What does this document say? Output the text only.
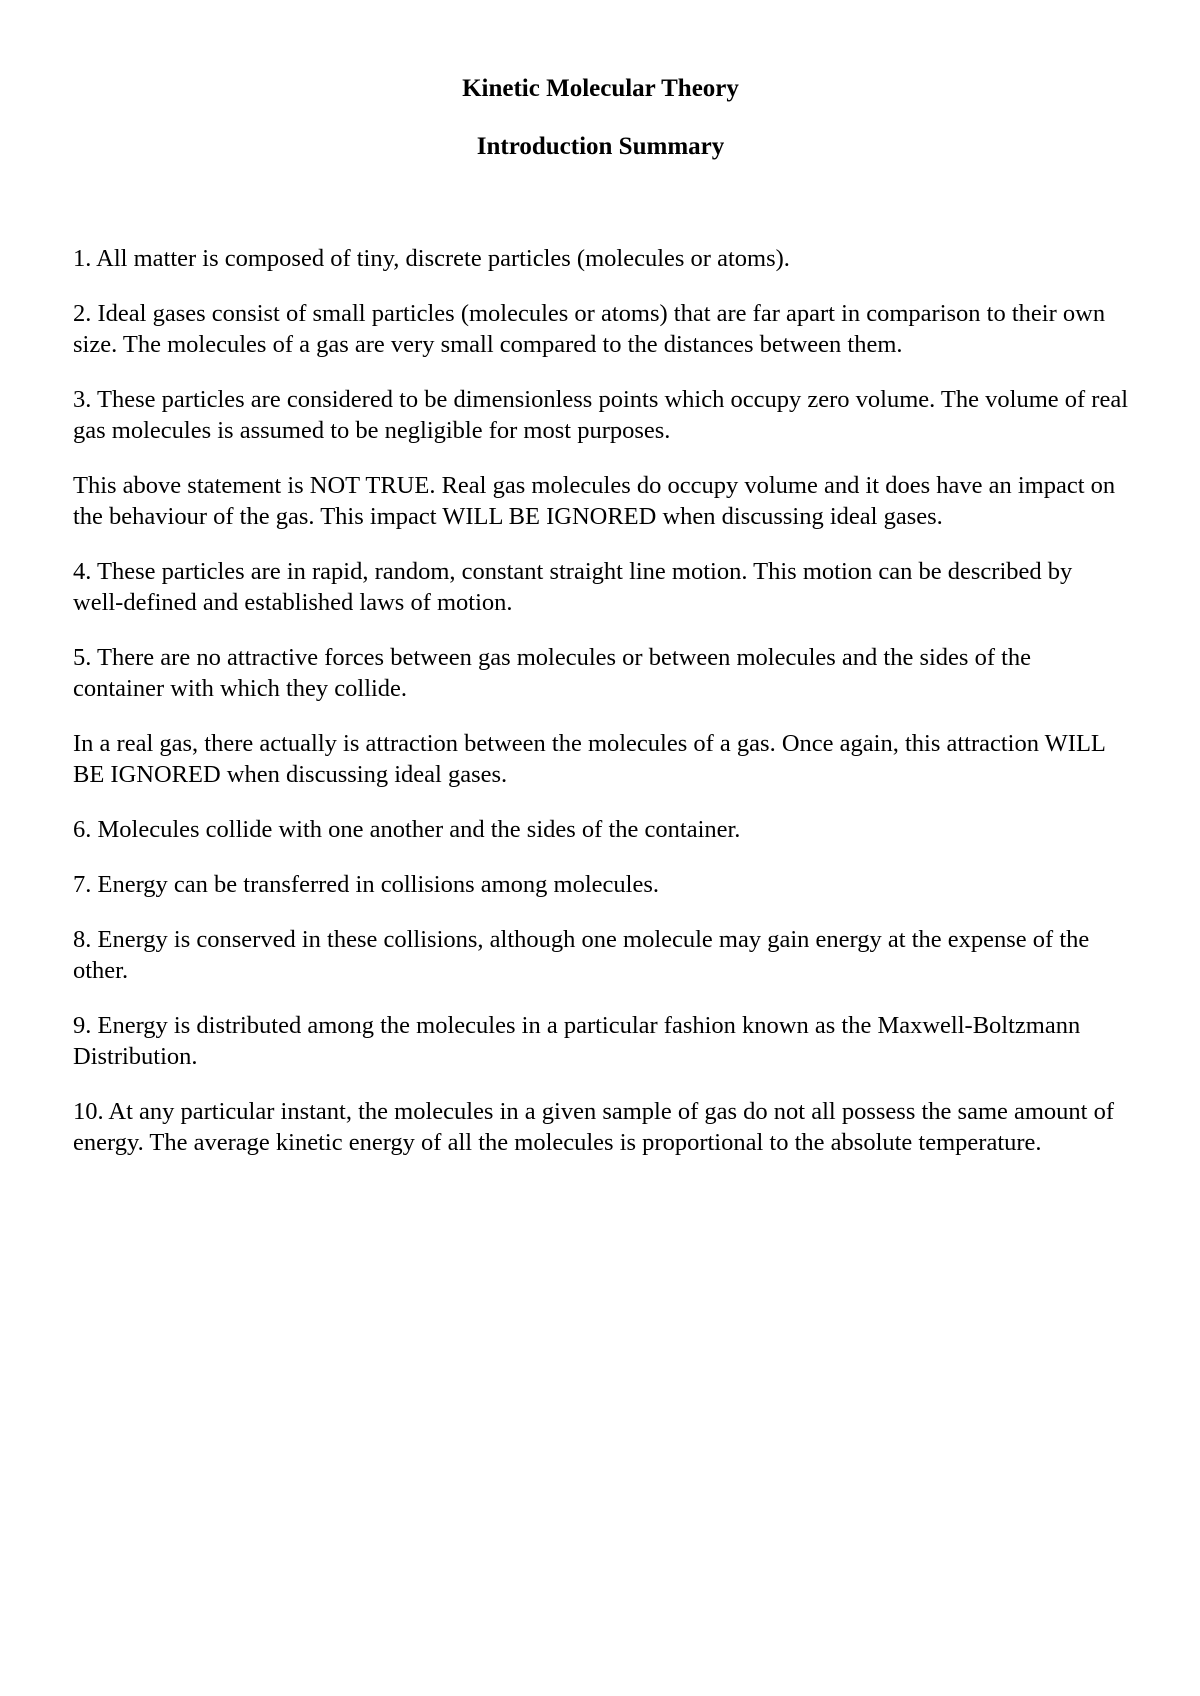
Kinetic Molecular Theory
Introduction Summary

1. All matter is composed of tiny, discrete particles (molecules or atoms).

2. Ideal gases consist of small particles (molecules or atoms) that are far apart in comparison to their own size. The molecules of a gas are very small compared to the distances between them.

3. These particles are considered to be dimensionless points which occupy zero volume. The volume of real gas molecules is assumed to be negligible for most purposes.

This above statement is NOT TRUE. Real gas molecules do occupy volume and it does have an impact on the behaviour of the gas. This impact WILL BE IGNORED when discussing ideal gases.

4. These particles are in rapid, random, constant straight line motion. This motion can be described by well-defined and established laws of motion.

5. There are no attractive forces between gas molecules or between molecules and the sides of the container with which they collide.

In a real gas, there actually is attraction between the molecules of a gas. Once again, this attraction WILL BE IGNORED when discussing ideal gases.

6. Molecules collide with one another and the sides of the container.

7. Energy can be transferred in collisions among molecules.

8. Energy is conserved in these collisions, although one molecule may gain energy at the expense of the other.

9. Energy is distributed among the molecules in a particular fashion known as the Maxwell-Boltzmann Distribution.

10. At any particular instant, the molecules in a given sample of gas do not all possess the same amount of energy. The average kinetic energy of all the molecules is proportional to the absolute temperature.
